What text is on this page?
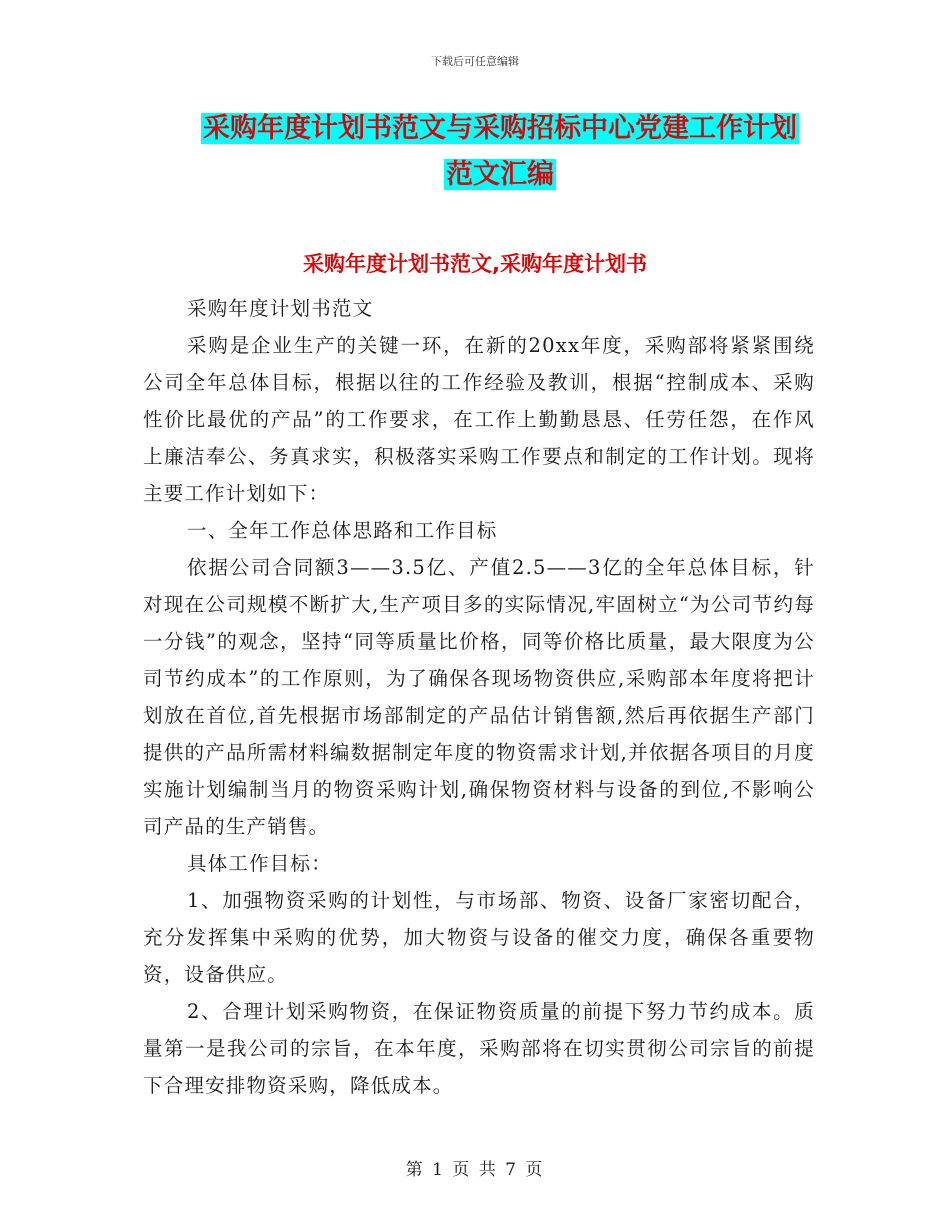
下载后可任意编辑
采购年度计划书范文与采购招标中心党建工作计划范文汇编
采购年度计划书范文,采购年度计划书

采购年度计划书范文

采购是企业生产的关键一环，在新的20xx年度，采购部将紧紧围绕公司全年总体目标，根据以往的工作经验及教训，根据“控制成本、采购性价比最优的产品”的工作要求，在工作上勤勤恳恳、任劳任怨，在作风上廉洁奉公、务真求实，积极落实采购工作要点和制定的工作计划。现将主要工作计划如下：

一、全年工作总体思路和工作目标

依据公司合同额3——3.5亿、产值2.5——3亿的全年总体目标，针对现在公司规模不断扩大,生产项目多的实际情况,牢固树立“为公司节约每一分钱”的观念，坚持“同等质量比价格，同等价格比质量，最大限度为公司节约成本”的工作原则，为了确保各现场物资供应,采购部本年度将把计划放在首位,首先根据市场部制定的产品估计销售额,然后再依据生产部门提供的产品所需材料编数据制定年度的物资需求计划,并依据各项目的月度实施计划编制当月的物资采购计划,确保物资材料与设备的到位,不影响公司产品的生产销售。

具体工作目标：

1、加强物资采购的计划性，与市场部、物资、设备厂家密切配合，充分发挥集中采购的优势，加大物资与设备的催交力度，确保各重要物资，设备供应。

2、合理计划采购物资，在保证物资质量的前提下努力节约成本。质量第一是我公司的宗旨，在本年度，采购部将在切实贯彻公司宗旨的前提下合理安排物资采购，降低成本。

第 1 页 共 7 页
